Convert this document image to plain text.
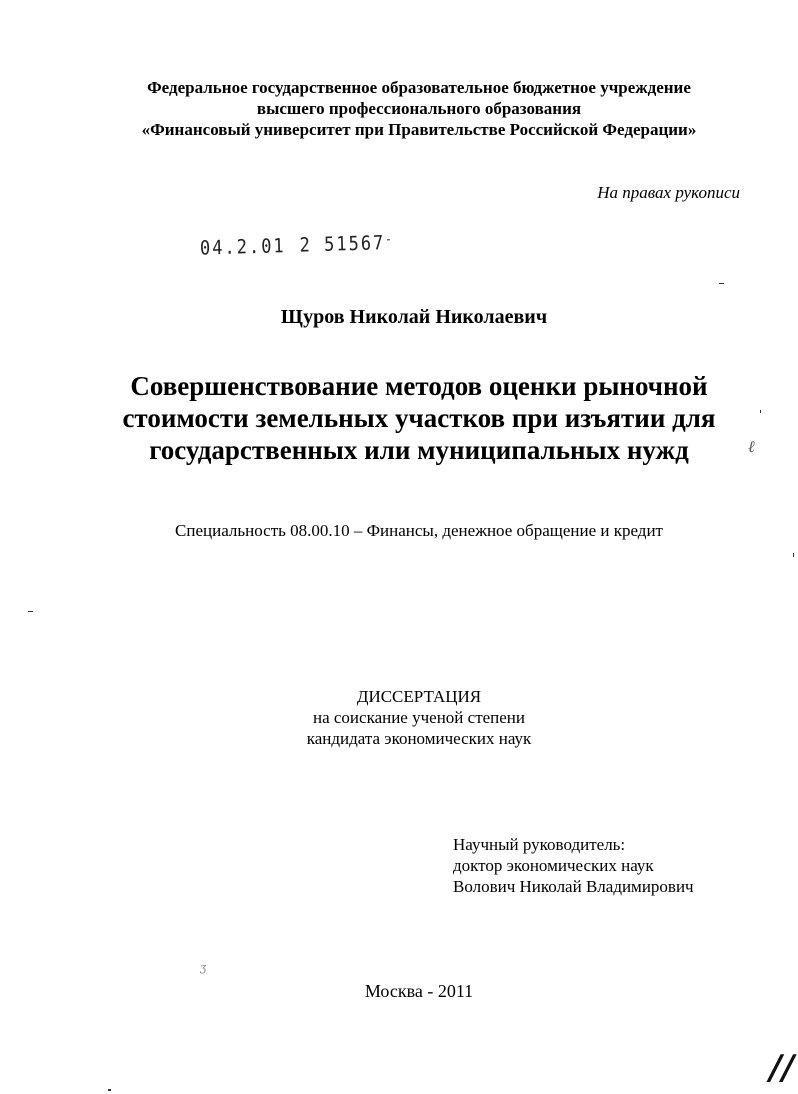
Федеральное государственное образовательное бюджетное учреждение
высшего профессионального образования
«Финансовый университет при Правительстве Российской Федерации»
На правах рукописи
04.2.01 2 51567-
Щуров Николай Николаевич
Совершенствование методов оценки рыночной
стоимости земельных участков при изъятии для
государственных или муниципальных нужд
Специальность 08.00.10 – Финансы, денежное обращение и кредит
ДИССЕРТАЦИЯ
на соискание ученой степени
кандидата экономических наук
Научный руководитель:
доктор экономических наук
Волович Николай Владимирович
Москва - 2011
ℓ
ʒ
//
